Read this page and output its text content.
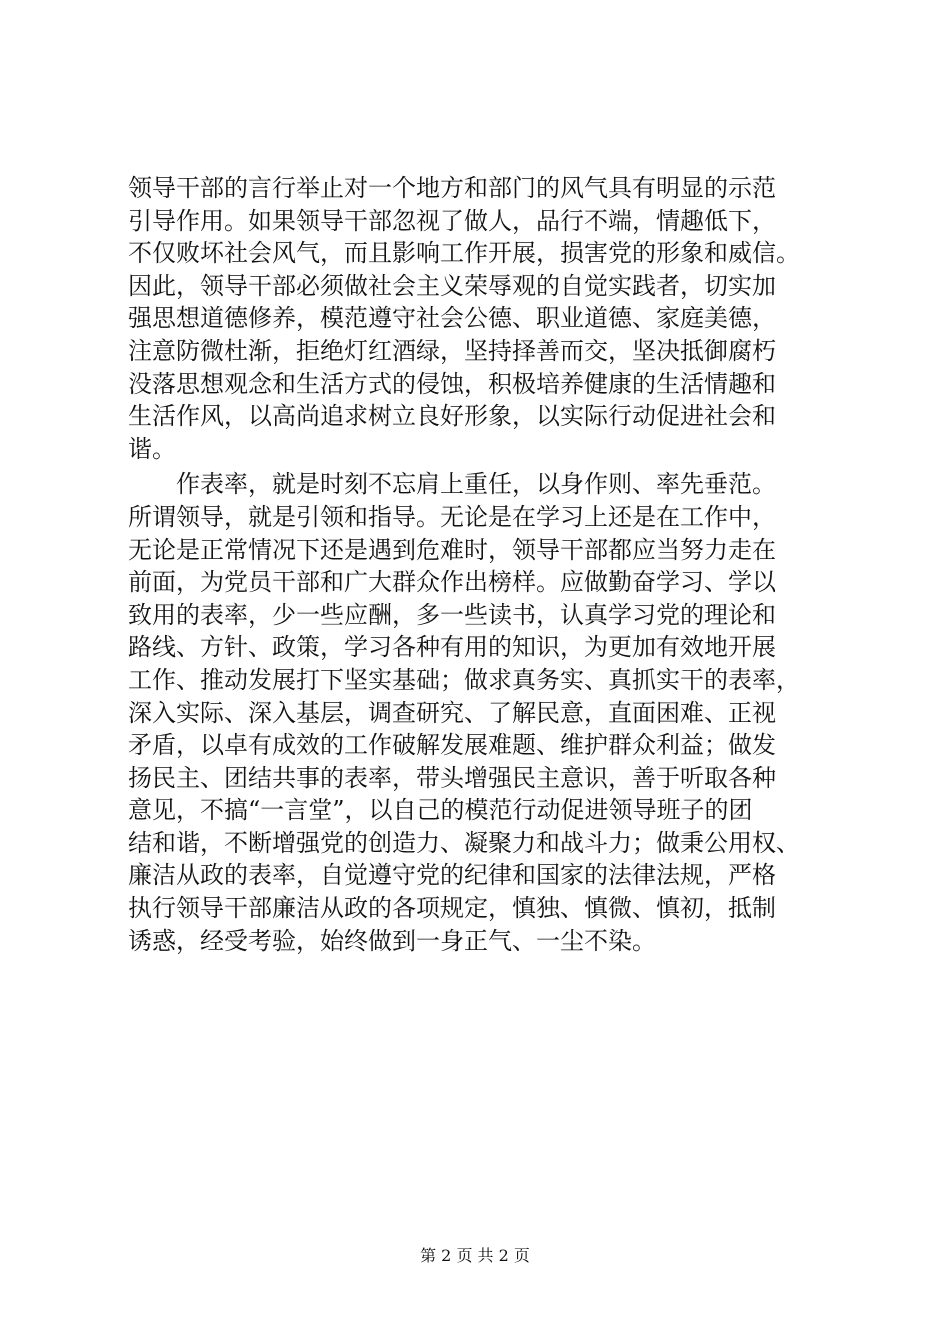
领导干部的言行举止对一个地方和部门的风气具有明显的示范
引导作用。如果领导干部忽视了做人，品行不端，情趣低下，
不仅败坏社会风气，而且影响工作开展，损害党的形象和威信。
因此，领导干部必须做社会主义荣辱观的自觉实践者，切实加
强思想道德修养，模范遵守社会公德、职业道德、家庭美德，
注意防微杜渐，拒绝灯红酒绿，坚持择善而交，坚决抵御腐朽
没落思想观念和生活方式的侵蚀，积极培养健康的生活情趣和
生活作风，以高尚追求树立良好形象，以实际行动促进社会和
谐。
　　作表率，就是时刻不忘肩上重任，以身作则、率先垂范。
所谓领导，就是引领和指导。无论是在学习上还是在工作中，
无论是正常情况下还是遇到危难时，领导干部都应当努力走在
前面，为党员干部和广大群众作出榜样。应做勤奋学习、学以
致用的表率，少一些应酬，多一些读书，认真学习党的理论和
路线、方针、政策，学习各种有用的知识，为更加有效地开展
工作、推动发展打下坚实基础；做求真务实、真抓实干的表率，
深入实际、深入基层，调查研究、了解民意，直面困难、正视
矛盾，以卓有成效的工作破解发展难题、维护群众利益；做发
扬民主、团结共事的表率，带头增强民主意识，善于听取各种
意见，不搞“一言堂”，以自己的模范行动促进领导班子的团
结和谐，不断增强党的创造力、凝聚力和战斗力；做秉公用权、
廉洁从政的表率，自觉遵守党的纪律和国家的法律法规，严格
执行领导干部廉洁从政的各项规定，慎独、慎微、慎初，抵制
诱惑，经受考验，始终做到一身正气、一尘不染。
第 2 页 共 2 页
